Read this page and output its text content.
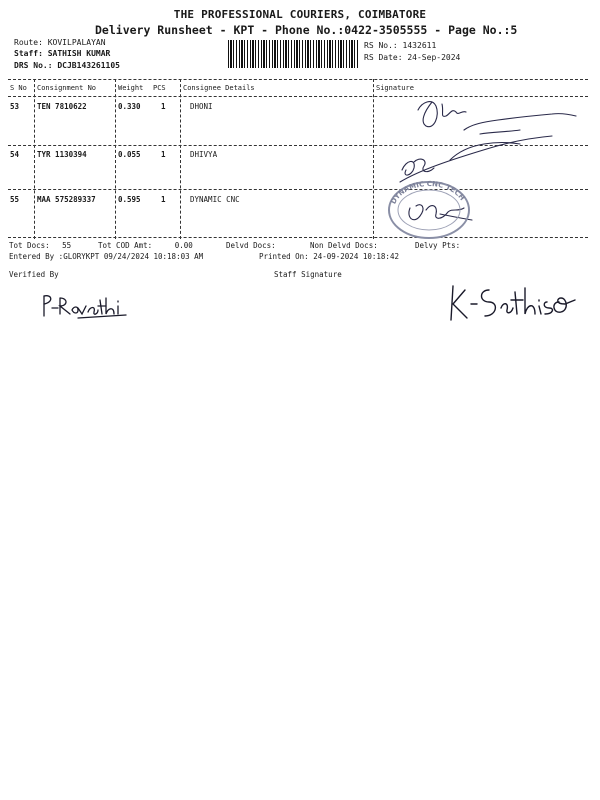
THE PROFESSIONAL COURIERS, COIMBATORE
Delivery Runsheet - KPT - Phone No.:0422-3505555 - Page No.:5
Route: KOVILPALAYAN
Staff: SATHISH KUMAR
DRS No.: DCJB143261105
RS No.: 1432611
RS Date: 24-Sep-2024
S No Consignment No	Weight PCS Consignee Details	Signature
53 TEN 7810622	0.330	1	DHONI
54 TYR 1130394	0.055	1	DHIVYA
55 MAA 575289337	0.595	1	DYNAMIC CNC	DYNAMIC CNC TECH
Tot Docs: 55	Tot COD Amt:	0.00	Delvd Docs:	Non Delvd Docs:	Delvy Pts:
Entered By :GLORYKPT 09/24/2024 10:18:03 AM	Printed On: 24-09-2024 10:18:42
Verified By	Staff Signature
